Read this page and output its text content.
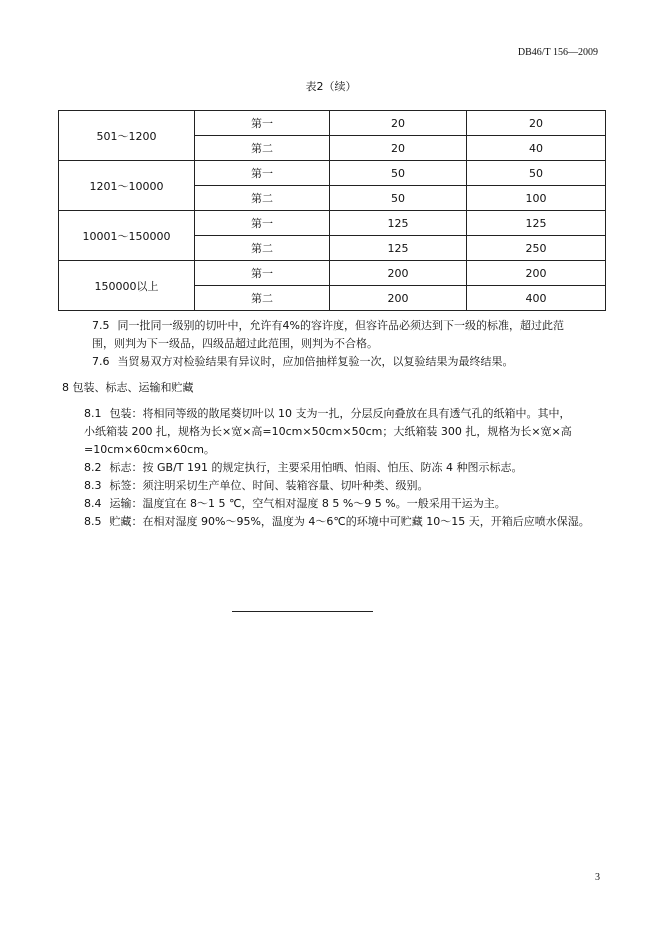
DB46/T 156—2009
表2（续）
501～1200	第一	20	20
	第二	20	40
1201～10000	第一	50	50
	第二	50	100
10001～150000	第一	125	125
	第二	125	250
150000以上	第一	200	200
	第二	200	400
7.5 同一批同一级别的切叶中，允许有4%的容许度，但容许品必须达到下一级的标准，超过此范
围，则判为下一级品，四级品超过此范围，则判为不合格。
7.6 当贸易双方对检验结果有异议时，应加倍抽样复验一次，以复验结果为最终结果。
8 包装、标志、运输和贮藏
8.1 包装：将相同等级的散尾葵切叶以 10 支为一扎，分层反向叠放在具有透气孔的纸箱中。其中，
小纸箱装 200 扎，规格为长×宽×高=10cm×50cm×50cm；大纸箱装 300 扎，规格为长×宽×高
=10cm×60cm×60cm。
8.2 标志：按 GB/T 191 的规定执行，主要采用怕晒、怕雨、怕压、防冻 4 种图示标志。
8.3 标签：须注明采切生产单位、时间、装箱容量、切叶种类、级别。
8.4 运输：温度宜在 8～1 5 ℃，空气相对湿度 8 5 %～9 5 %。一般采用干运为主。
8.5 贮藏：在相对湿度 90%～95%，温度为 4～6℃的环境中可贮藏 10～15 天，开箱后应喷水保湿。
3
